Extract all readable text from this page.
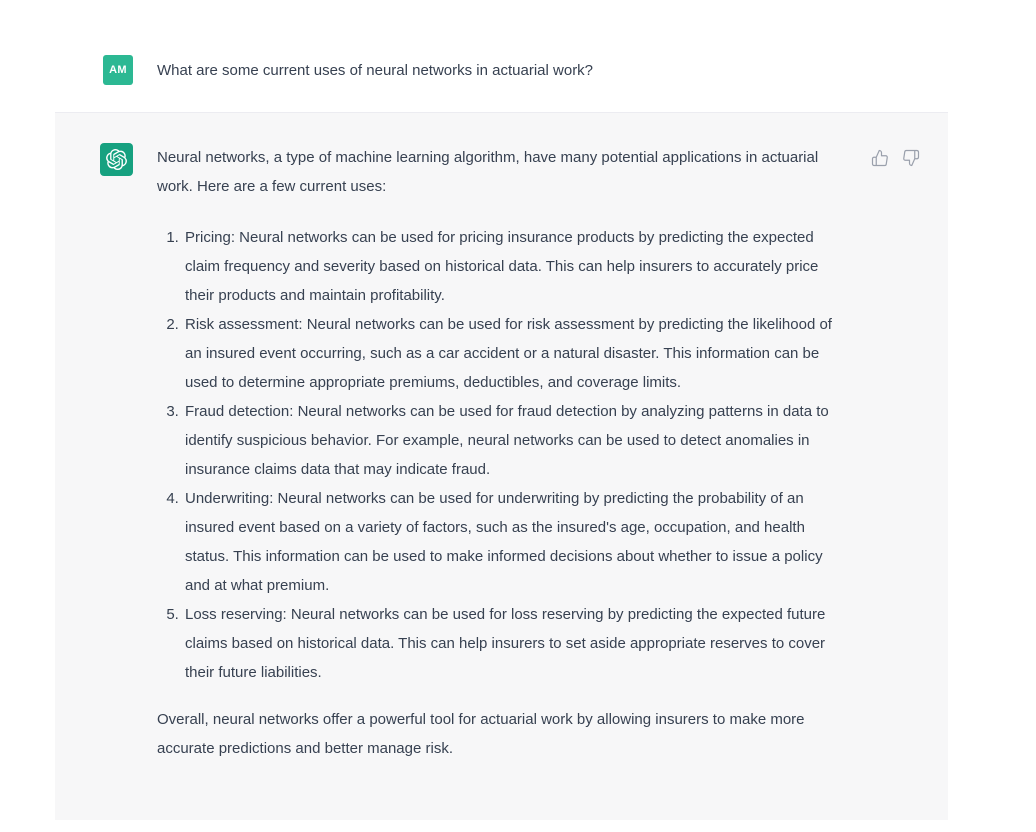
AM What are some current uses of neural networks in actuarial work?

Neural networks, a type of machine learning algorithm, have many potential applications in actuarial work. Here are a few current uses:

1. Pricing: Neural networks can be used for pricing insurance products by predicting the expected claim frequency and severity based on historical data. This can help insurers to accurately price their products and maintain profitability.
2. Risk assessment: Neural networks can be used for risk assessment by predicting the likelihood of an insured event occurring, such as a car accident or a natural disaster. This information can be used to determine appropriate premiums, deductibles, and coverage limits.
3. Fraud detection: Neural networks can be used for fraud detection by analyzing patterns in data to identify suspicious behavior. For example, neural networks can be used to detect anomalies in insurance claims data that may indicate fraud.
4. Underwriting: Neural networks can be used for underwriting by predicting the probability of an insured event based on a variety of factors, such as the insured's age, occupation, and health status. This information can be used to make informed decisions about whether to issue a policy and at what premium.
5. Loss reserving: Neural networks can be used for loss reserving by predicting the expected future claims based on historical data. This can help insurers to set aside appropriate reserves to cover their future liabilities.

Overall, neural networks offer a powerful tool for actuarial work by allowing insurers to make more accurate predictions and better manage risk.
